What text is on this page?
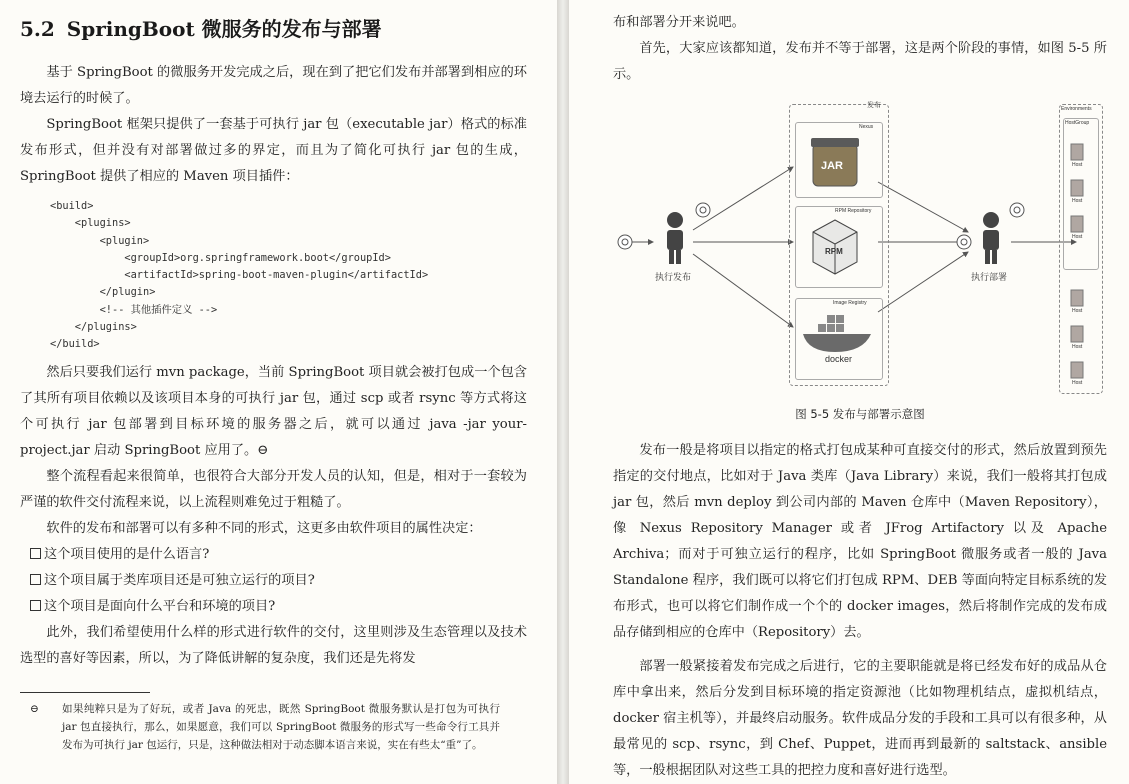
5.2 SpringBoot 微服务的发布与部署

基于 SpringBoot 的微服务开发完成之后，现在到了把它们发布并部署到相应的环境去运行的时候了。

SpringBoot 框架只提供了一套基于可执行 jar 包（executable jar）格式的标准发布形式，但并没有对部署做过多的界定，而且为了简化可执行 jar 包的生成，SpringBoot 提供了相应的 Maven 项目插件：

<build>
<plugins>
<plugin>
<groupId>org.springframework.boot</groupId>
<artifactId>spring-boot-maven-plugin</artifactId>
</plugin>
<!-- 其他插件定义 -->
</plugins>
</build>

然后只要我们运行 mvn package，当前 SpringBoot 项目就会被打包成一个包含了其所有项目依赖以及该项目本身的可执行 jar 包，通过 scp 或者 rsync 等方式将这个可执行 jar 包部署到目标环境的服务器之后，就可以通过 java -jar your-project.jar 启动 SpringBoot 应用了。⊖

整个流程看起来很简单，也很符合大部分开发人员的认知，但是，相对于一套较为严谨的软件交付流程来说，以上流程则难免过于粗糙了。

软件的发布和部署可以有多种不同的形式，这更多由软件项目的属性决定：

这个项目使用的是什么语言?
这个项目属于类库项目还是可独立运行的项目?
这个项目是面向什么平台和环境的项目?

此外，我们希望使用什么样的形式进行软件的交付，这里则涉及生态管理以及技术选型的喜好等因素，所以，为了降低讲解的复杂度，我们还是先将发

⊖ 如果纯粹只是为了好玩，或者 Java 的死忠，既然 SpringBoot 微服务默认是打包为可执行 jar 包直接执行，那么，如果愿意，我们可以 SpringBoot 微服务的形式写一些命令行工具并发布为可执行 jar 包运行，只是，这种做法相对于动态脚本语言来说，实在有些太“重”了。

布和部署分开来说吧。

首先，大家应该都知道，发布并不等于部署，这是两个阶段的事情，如图 5-5 所示。

发布
Nexus
JAR
RPM Repository
RPM
Image Registry
docker
Environments
HostGroup
Host
Host
Host
Host
Host
Host
执行发布	执行部署
图 5-5 发布与部署示意图

发布一般是将项目以指定的格式打包成某种可直接交付的形式，然后放置到预先指定的交付地点，比如对于 Java 类库（Java Library）来说，我们一般将其打包成 jar 包，然后 mvn deploy 到公司内部的 Maven 仓库中（Maven Repository），像 Nexus Repository Manager 或者 JFrog Artifactory 以及 Apache Archiva；而对于可独立运行的程序，比如 SpringBoot 微服务或者一般的 Java Standalone 程序，我们既可以将它们打包成 RPM、DEB 等面向特定目标系统的发布形式，也可以将它们制作成一个个的 docker images，然后将制作完成的发布成品存储到相应的仓库中（Repository）去。

部署一般紧接着发布完成之后进行，它的主要职能就是将已经发布好的成品从仓库中拿出来，然后分发到目标环境的指定资源池（比如物理机结点，虚拟机结点，docker 宿主机等），并最终启动服务。软件成品分发的手段和工具可以有很多种，从最常见的 scp、rsync，到 Chef、Puppet，进而再到最新的 saltstack、ansible 等，一般根据团队对这些工具的把控力度和喜好进行选型。
